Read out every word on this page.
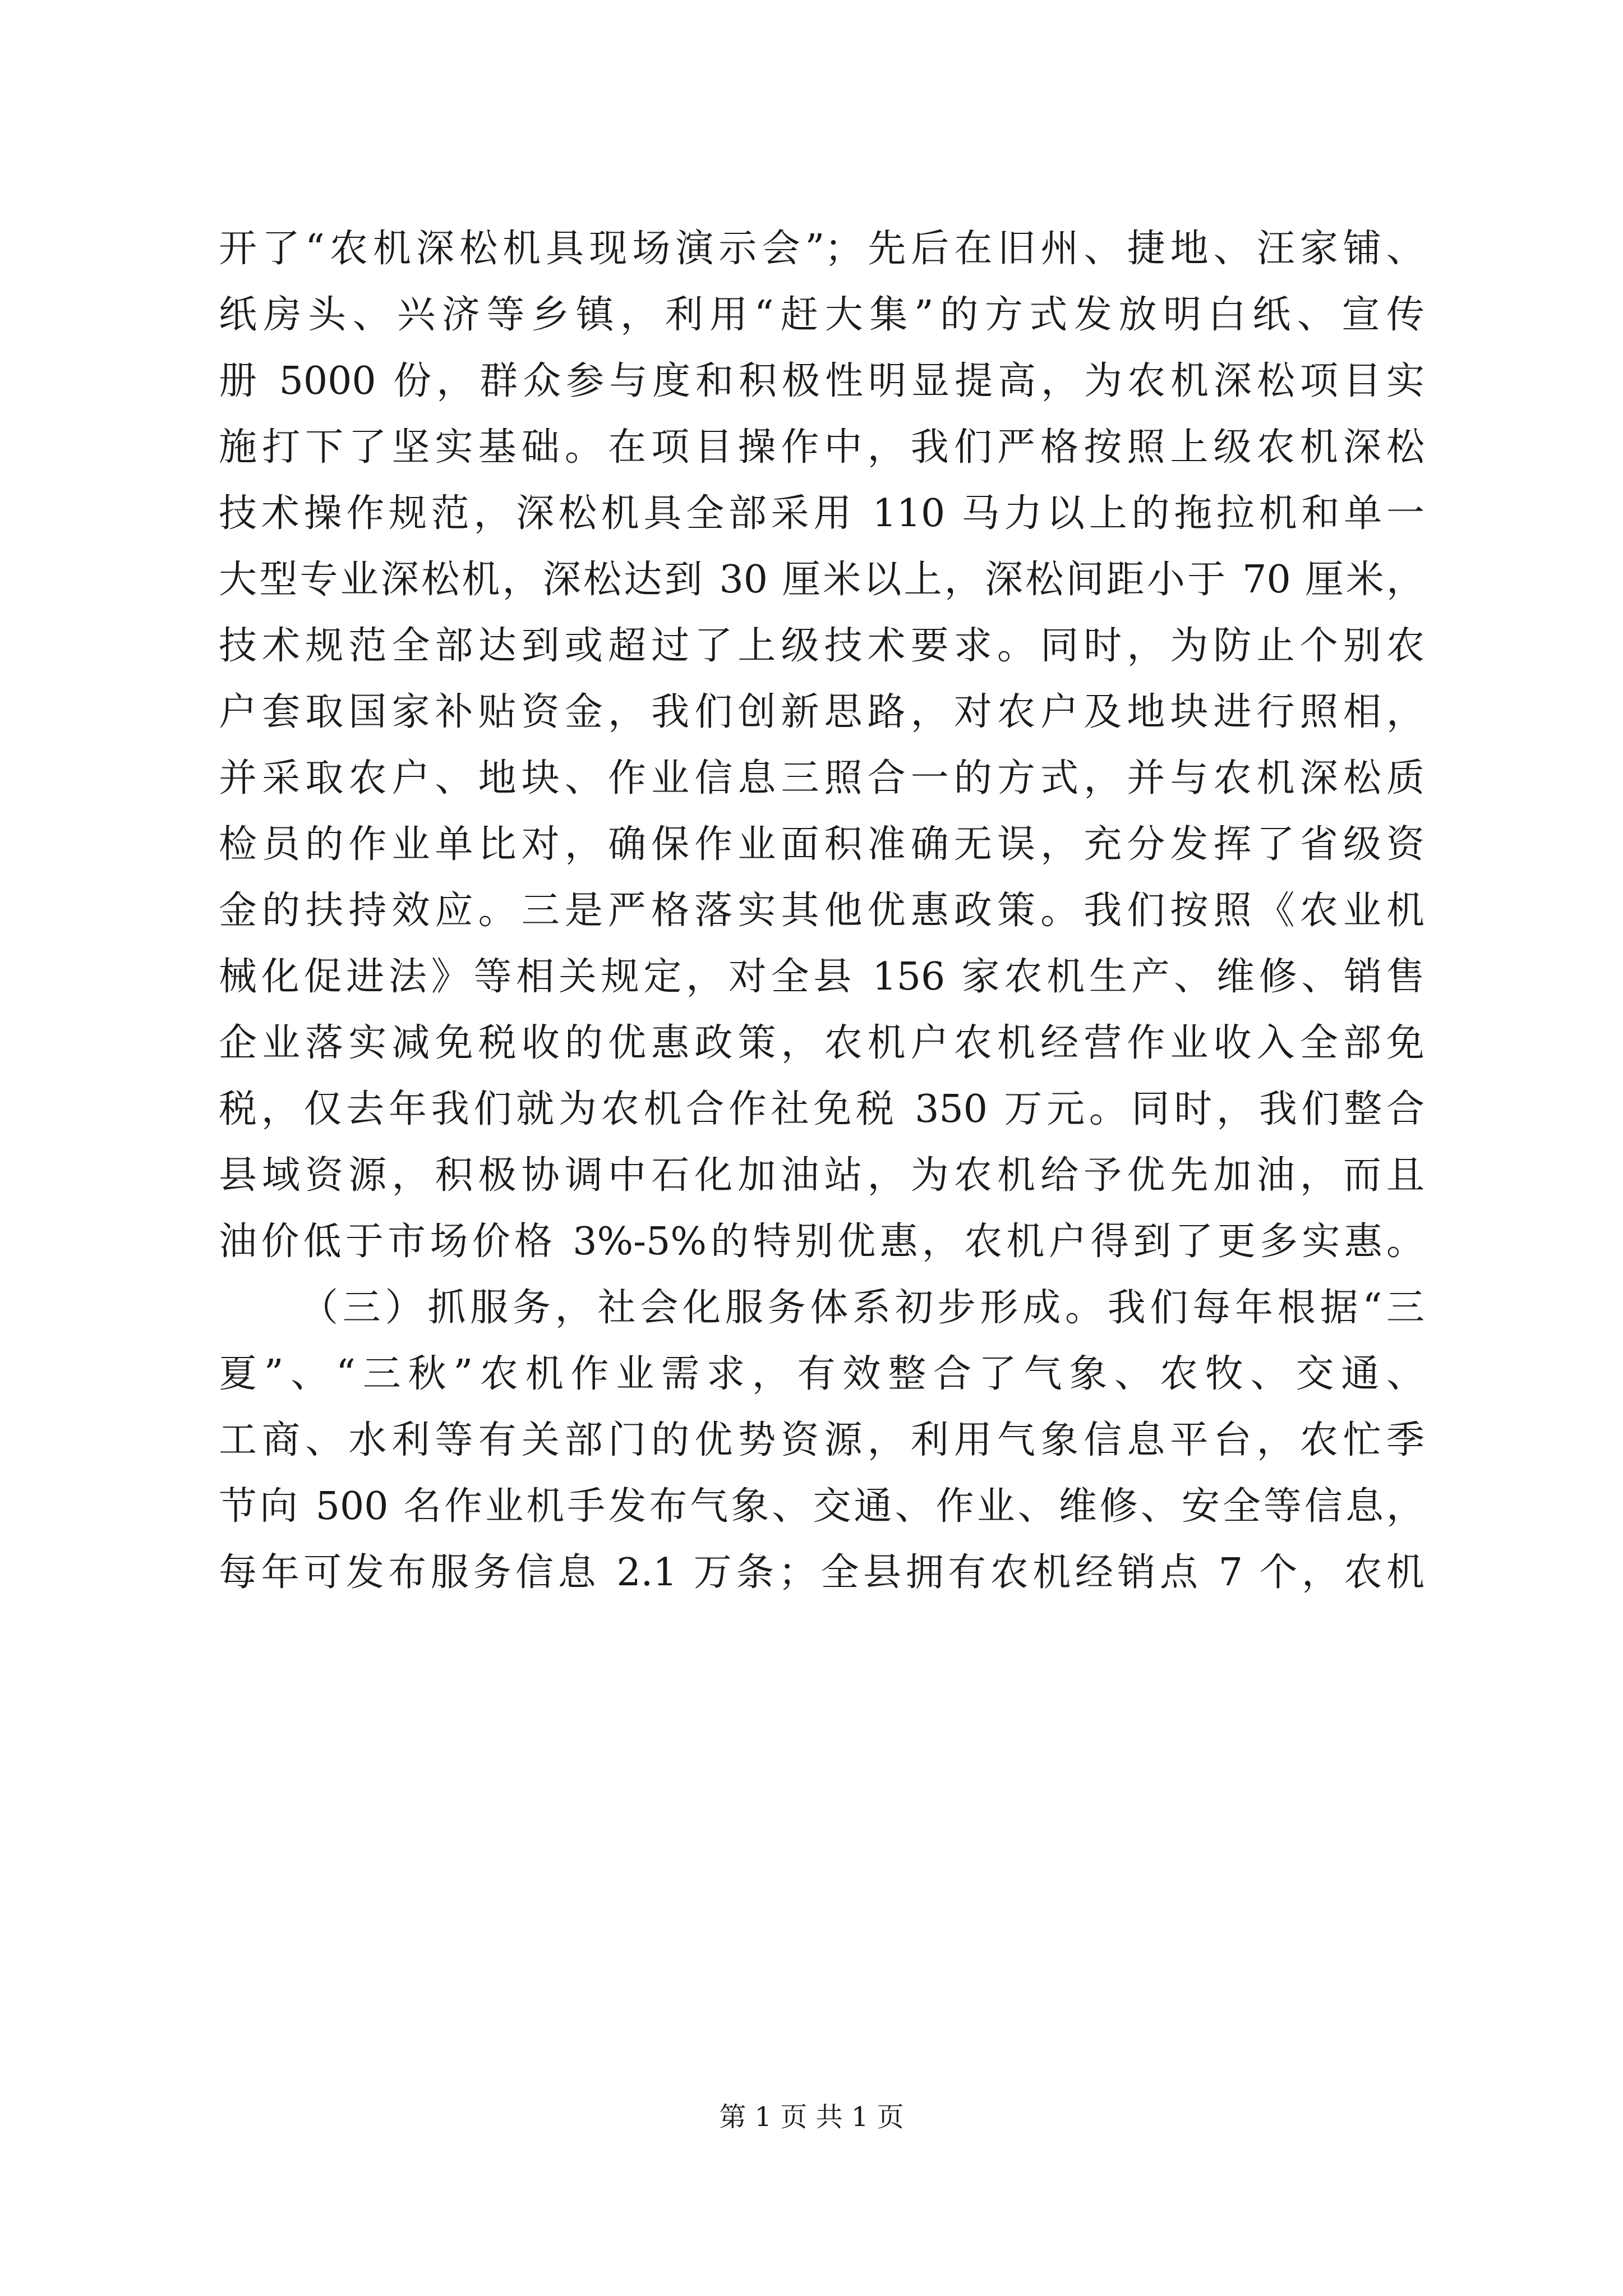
开了“农机深松机具现场演示会”；先后在旧州、捷地、汪家铺、
纸房头、兴济等乡镇，利用“赶大集”的方式发放明白纸、宣传
册 5000 份，群众参与度和积极性明显提高，为农机深松项目实
施打下了坚实基础。在项目操作中，我们严格按照上级农机深松
技术操作规范，深松机具全部采用 110 马力以上的拖拉机和单一
大型专业深松机，深松达到 30 厘米以上，深松间距小于 70 厘米，
技术规范全部达到或超过了上级技术要求。同时，为防止个别农
户套取国家补贴资金，我们创新思路，对农户及地块进行照相，
并采取农户、地块、作业信息三照合一的方式，并与农机深松质
检员的作业单比对，确保作业面积准确无误，充分发挥了省级资
金的扶持效应。三是严格落实其他优惠政策。我们按照《农业机
械化促进法》等相关规定，对全县 156 家农机生产、维修、销售
企业落实减免税收的优惠政策，农机户农机经营作业收入全部免
税，仅去年我们就为农机合作社免税 350 万元。同时，我们整合
县域资源，积极协调中石化加油站，为农机给予优先加油，而且
油价低于市场价格 3%-5%的特别优惠，农机户得到了更多实惠。
（三）抓服务，社会化服务体系初步形成。我们每年根据“三
夏”、“三秋”农机作业需求，有效整合了气象、农牧、交通、
工商、水利等有关部门的优势资源，利用气象信息平台，农忙季
节向 500 名作业机手发布气象、交通、作业、维修、安全等信息，
每年可发布服务信息 2.1 万条；全县拥有农机经销点 7 个，农机
第 1 页 共 1 页
